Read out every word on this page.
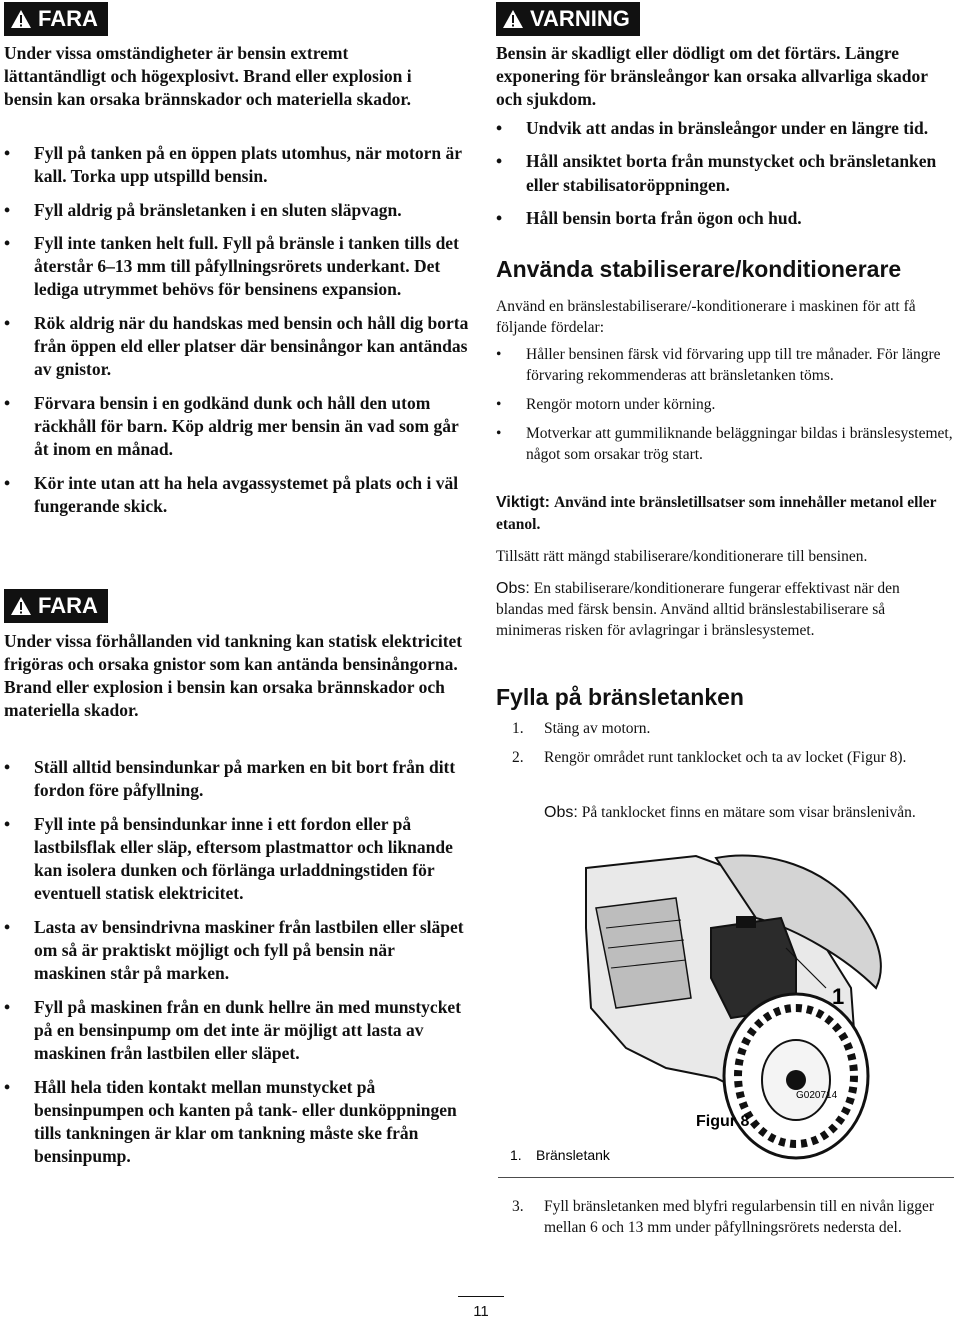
FARA

Under vissa omständigheter är bensin extremt lättantändligt och högexplosivt. Brand eller explosion i bensin kan orsaka brännskador och materiella skador.

• Fyll på tanken på en öppen plats utomhus, när motorn är kall. Torka upp utspilld bensin.
• Fyll aldrig på bränsletanken i en sluten släpvagn.
• Fyll inte tanken helt full. Fyll på bränsle i tanken tills det återstår 6–13 mm till påfyllningsrörets underkant. Det lediga utrymmet behövs för bensinens expansion.
• Rök aldrig när du handskas med bensin och håll dig borta från öppen eld eller platser där bensinångor kan antändas av gnistor.
• Förvara bensin i en godkänd dunk och håll den utom räckhåll för barn. Köp aldrig mer bensin än vad som går åt inom en månad.
• Kör inte utan att ha hela avgassystemet på plats och i väl fungerande skick.
FARA

Under vissa förhållanden vid tankning kan statisk elektricitet frigöras och orsaka gnistor som kan antända bensinångorna. Brand eller explosion i bensin kan orsaka brännskador och materiella skador.

• Ställ alltid bensindunkar på marken en bit bort från ditt fordon före påfyllning.
• Fyll inte på bensindunkar inne i ett fordon eller på lastbilsflak eller släp, eftersom plastmattor och liknande kan isolera dunken och förlänga urladdningstiden för eventuell statisk elektricitet.
• Lasta av bensindrivna maskiner från lastbilen eller släpet om så är praktiskt möjligt och fyll på bensin när maskinen står på marken.
• Fyll på maskinen från en dunk hellre än med munstycket på en bensinpump om det inte är möjligt att lasta av maskinen från lastbilen eller släpet.
• Håll hela tiden kontakt mellan munstycket på bensinpumpen och kanten på tank- eller dunköppningen tills tankningen är klar om tankning måste ske från bensinpump.
VARNING

Bensin är skadligt eller dödligt om det förtärs. Längre exponering för bränsleångor kan orsaka allvarliga skador och sjukdom.

• Undvik att andas in bränsleångor under en längre tid.
• Håll ansiktet borta från munstycket och bränsletanken eller stabilisatoröppningen.
• Håll bensin borta från ögon och hud.
Använda stabiliserare/konditionerare

Använd en bränslestabiliserare/-konditionerare i maskinen för att få följande fördelar:

• Håller bensinen färsk vid förvaring upp till tre månader. För längre förvaring rekommenderas att bränsletanken töms.
• Rengör motorn under körning.
• Motverkar att gummiliknande beläggningar bildas i bränslesystemet, något som orsakar trög start.
Viktigt: Använd inte bränsletillsatser som innehåller metanol eller etanol.

Tillsätt rätt mängd stabiliserare/konditionerare till bensinen.

Obs: En stabiliserare/konditionerare fungerar effektivast när den blandas med färsk bensin. Använd alltid bränslestabiliserare så minimeras risken för avlagringar i bränslesystemet.
Fylla på bränsletanken
1. Stäng av motorn.
2. Rengör området runt tanklocket och ta av locket (Figur 8).
Obs: På tanklocket finns en mätare som visar bränslenivån.
3. Fyll bränsletanken med blyfri regularbensin till en nivån ligger mellan 6 och 13 mm under påfyllningsrörets nedersta del.
1
G020714
Figur 8
1. Bränsletank
11
